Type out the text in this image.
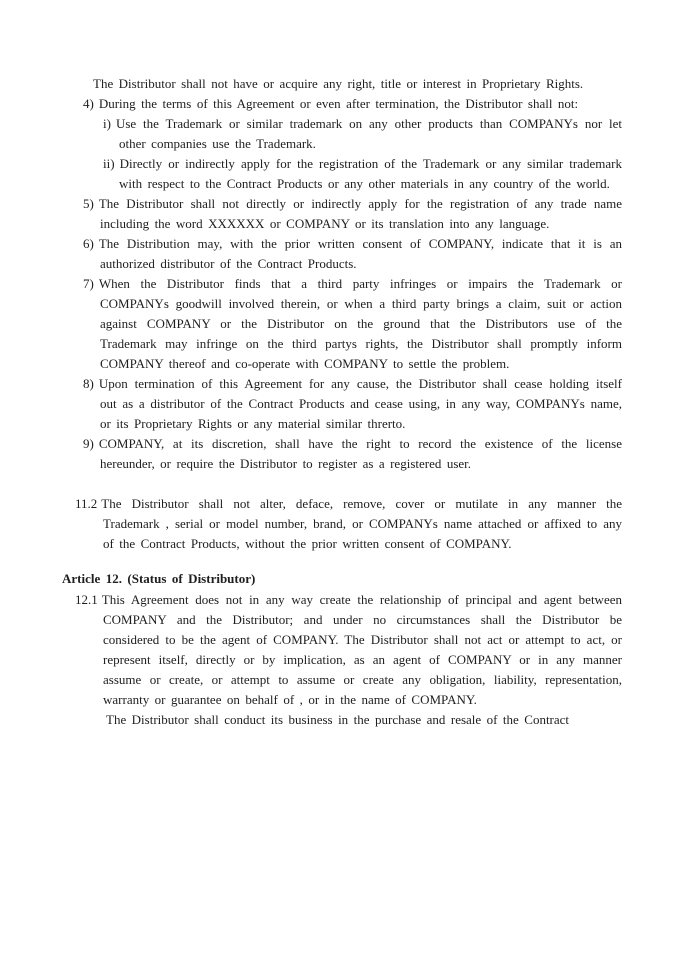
The Distributor shall not have or acquire any right, title or interest in Proprietary Rights.

4) During the terms of this Agreement or even after termination, the Distributor shall not:

i) Use the Trademark or similar trademark on any other products than COMPANYs nor let other companies use the Trademark.

ii) Directly or indirectly apply for the registration of the Trademark or any similar trademark with respect to the Contract Products or any other materials in any country of the world.

5) The Distributor shall not directly or indirectly apply for the registration of any trade name including the word XXXXXX or COMPANY or its translation into any language.

6) The Distribution may, with the prior written consent of COMPANY, indicate that it is an authorized distributor of the Contract Products.

7) When the Distributor finds that a third party infringes or impairs the Trademark or COMPANYs goodwill involved therein, or when a third party brings a claim, suit or action against COMPANY or the Distributor on the ground that the Distributors use of the Trademark may infringe on the third partys rights, the Distributor shall promptly inform COMPANY thereof and co-operate with COMPANY to settle the problem.

8) Upon termination of this Agreement for any cause, the Distributor shall cease holding itself out as a distributor of the Contract Products and cease using, in any way, COMPANYs name, or its Proprietary Rights or any material similar threrto.

9) COMPANY, at its discretion, shall have the right to record the existence of the license hereunder, or require the Distributor to register as a registered user.

11.2 The Distributor shall not alter, deface, remove, cover or mutilate in any manner the Trademark , serial or model number, brand, or COMPANYs name attached or affixed to any of the Contract Products, without the prior written consent of COMPANY.

Article 12. (Status of Distributor)

12.1 This Agreement does not in any way create the relationship of principal and agent between COMPANY and the Distributor; and under no circumstances shall the Distributor be considered to be the agent of COMPANY. The Distributor shall not act or attempt to act, or represent itself, directly or by implication, as an agent of COMPANY or in any manner assume or create, or attempt to assume or create any obligation, liability, representation, warranty or guarantee on behalf of , or in the name of COMPANY.

The Distributor shall conduct its business in the purchase and resale of the Contract
